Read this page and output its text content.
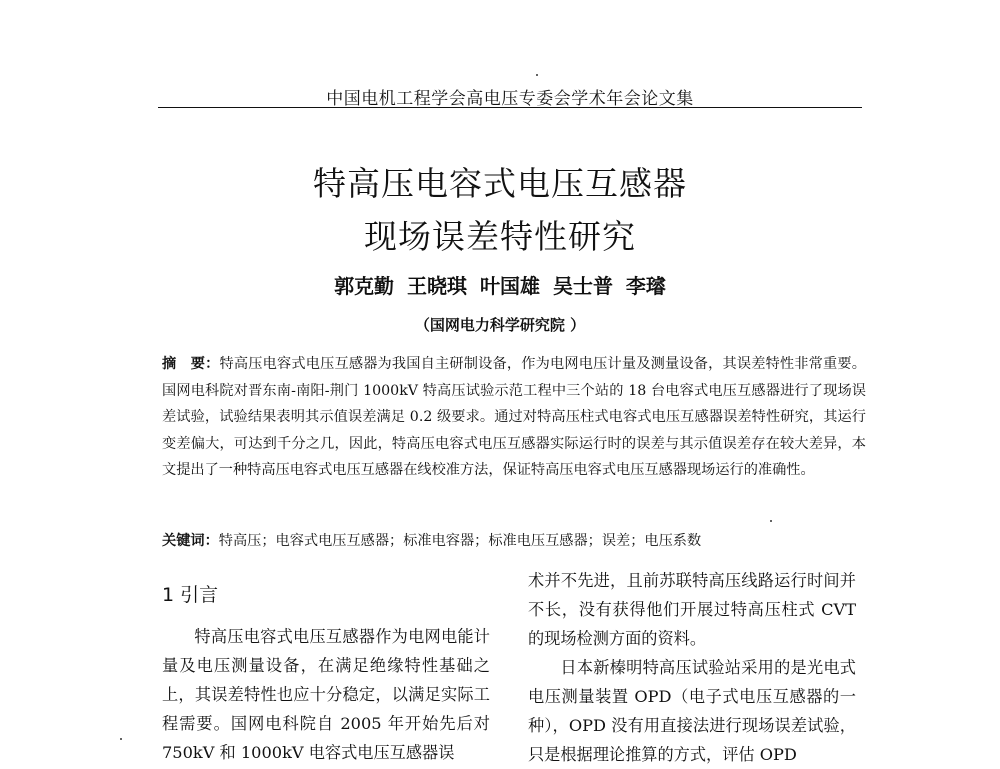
中国电机工程学会高电压专委会学术年会论文集
特高压电容式电压互感器
现场误差特性研究
郭克勤 王晓琪 叶国雄 吴士普 李璿
（国网电力科学研究院 ）
摘　要：特高压电容式电压互感器为我国自主研制设备，作为电网电压计量及测量设备，其误差特性非常重要。国网电科院对晋东南-南阳-荆门 1000kV 特高压试验示范工程中三个站的 18 台电容式电压互感器进行了现场误差试验，试验结果表明其示值误差满足 0.2 级要求。通过对特高压柱式电容式电压互感器误差特性研究，其运行变差偏大，可达到千分之几，因此，特高压电容式电压互感器实际运行时的误差与其示值误差存在较大差异，本文提出了一种特高压电容式电压互感器在线校准方法，保证特高压电容式电压互感器现场运行的准确性。
关键词：特高压；电容式电压互感器；标准电容器；标准电压互感器；误差；电压系数
1 引言

特高压电容式电压互感器作为电网电能计量及电压测量设备，在满足绝缘特性基础之上，其误差特性也应十分稳定，以满足实际工程需要。国网电科院自 2005 年开始先后对 750kV 和 1000kV 电容式电压互感器误

术并不先进，且前苏联特高压线路运行时间并不长，没有获得他们开展过特高压柱式 CVT 的现场检测方面的资料。

日本新榛明特高压试验站采用的是光电式电压测量装置 OPD（电子式电压互感器的一种），OPD 没有用直接法进行现场误差试验，只是根据理论推算的方式，评估 OPD
